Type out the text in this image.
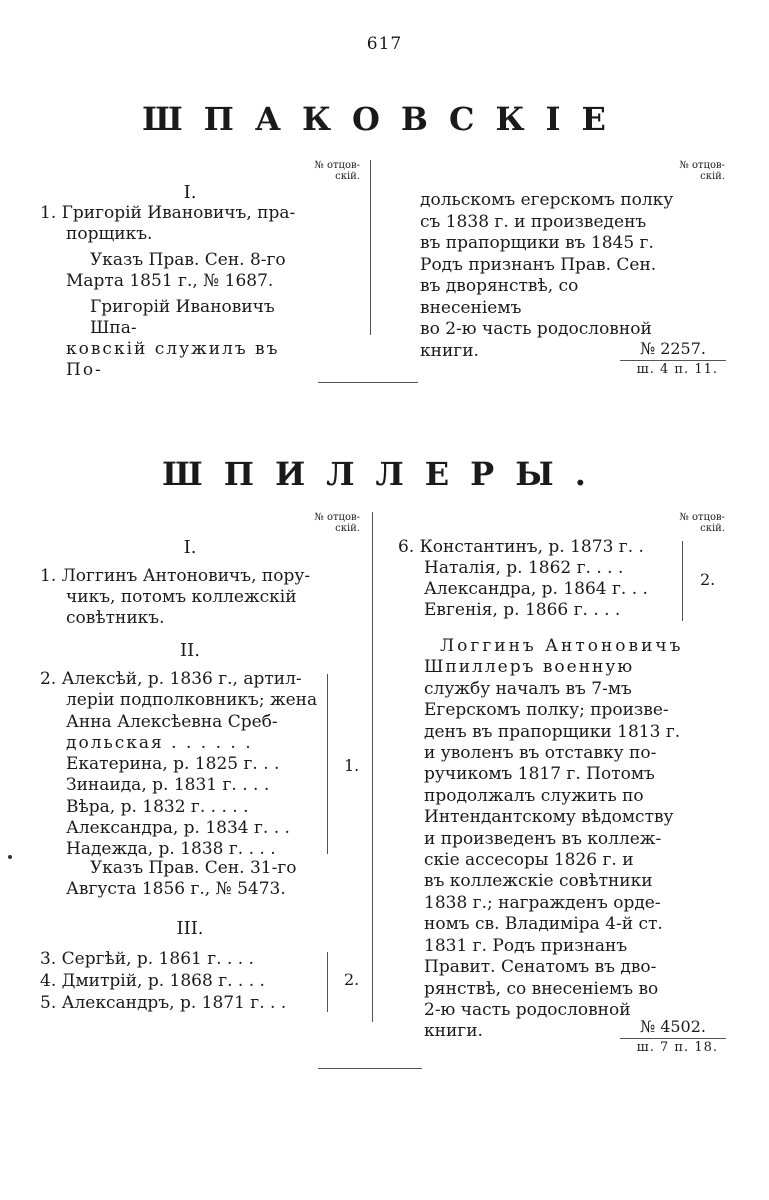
617
ШПАКОВСКІЕ
№ отцов-
скій.
№ отцов-
скій.
I.
1. Григорій Ивановичъ, пра-
порщикъ.
Указъ Прав. Сен. 8-го
Марта 1851 г., № 1687.
Григорій Ивановичъ Шпа-
ковскій служилъ въ По-
дольскомъ егерскомъ полку
съ 1838 г. и произведенъ
въ прапорщики въ 1845 г.
Родъ признанъ Прав. Сен.
въ дворянствѣ, со внесеніемъ
во 2-ю часть родословной
книги.	№ 2257.
ш. 4 п. 11.
ШПИЛЛЕРЫ.
№ отцов-
скій.
№ отцов-
скій.
I.
1. Логгинъ Антоновичъ, пору-
чикъ, потомъ коллежскій
совѣтникъ.
II.
2. Алексѣй, р. 1836 г., артил-
леріи подполковникъ; жена
Анна Алексѣевна Среб-
дольская . . . . . .
Екатерина, р. 1825 г. . .
Зинаида, р. 1831 г. . . .
Вѣра, р. 1832 г. . . . .
Александра, р. 1834 г. . .
Надежда, р. 1838 г. . . .
1.
Указъ Прав. Сен. 31-го
Августа 1856 г., № 5473.
III.
3. Сергѣй, р. 1861 г. . . .
4. Дмитрій, р. 1868 г. . . .
5. Александръ, р. 1871 г. . .
2.
6. Константинъ, р. 1873 г. .
Наталія, р. 1862 г. . . .
Александра, р. 1864 г. . .
Евгенія, р. 1866 г. . . .
2.
Логгинъ Антоновичъ
Шпиллеръ военную
службу началъ въ 7-мъ
Егерскомъ полку; произве-
денъ въ прапорщики 1813 г.
и уволенъ въ отставку по-
ручикомъ 1817 г. Потомъ
продолжалъ служить по
Интендантскому вѣдомству
и произведенъ въ коллеж-
скіе ассесоры 1826 г. и
въ коллежскіе совѣтники
1838 г.; награжденъ орде-
номъ св. Владиміра 4-й ст.
1831 г. Родъ признанъ
Правит. Сенатомъ въ дво-
рянствѣ, со внесеніемъ во
2-ю часть родословной книги.	№ 4502.
ш. 7 п. 18.
